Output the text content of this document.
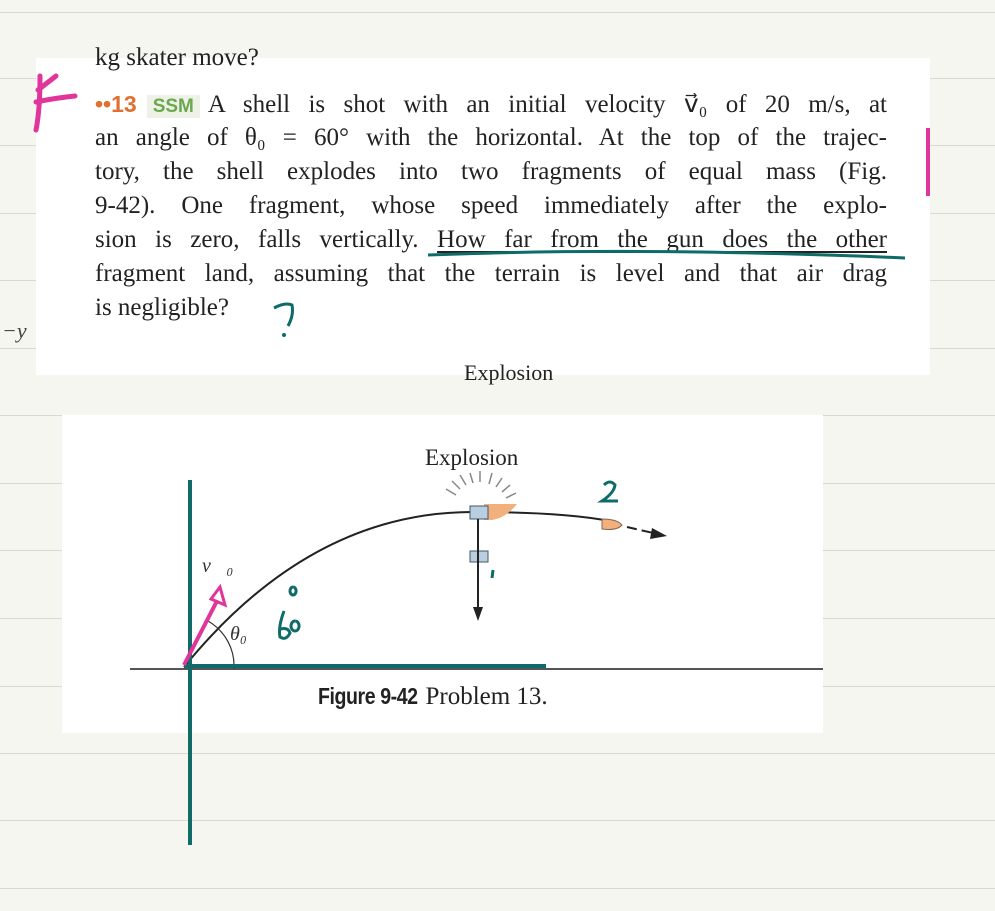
kg skater move?
••13 SSM A shell is shot with an initial velocity v⃗₀ of 20 m/s, at
an angle of θ₀ = 60° with the horizontal. At the top of the trajec-
tory, the shell explodes into two fragments of equal mass (Fig.
9-42). One fragment, whose speed immediately after the explo-
sion is zero, falls vertically. How far from the gun does the other
fragment land, assuming that the terrain is level and that air drag
is negligible?
Explosion
−y
Explosion
v⃗₀
θ₀
Figure 9-42 Problem 13.
